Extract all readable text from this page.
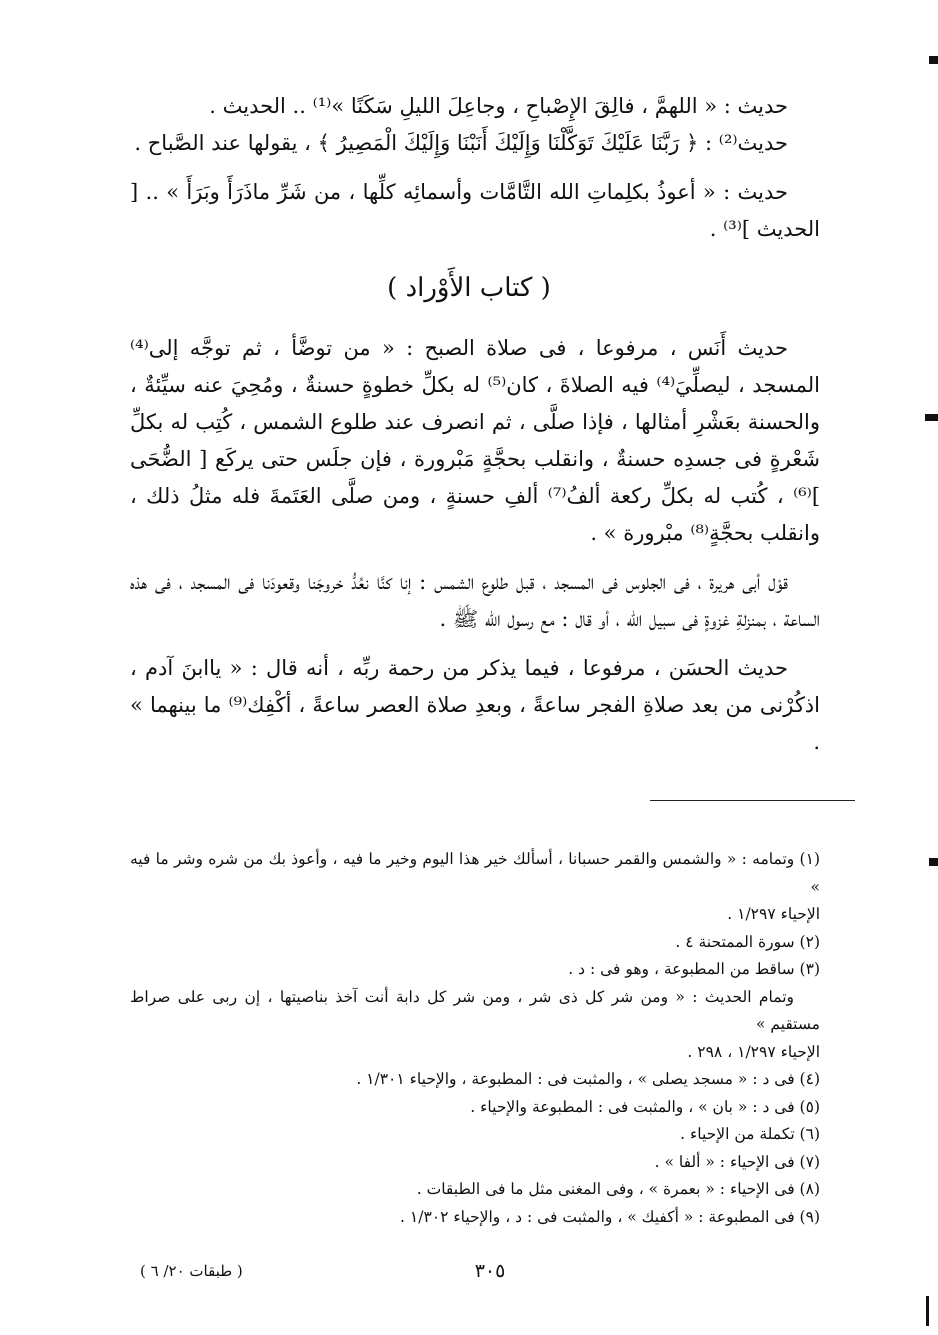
حديث : « اللهمَّ ، فالِقَ الإِصْباحِ ، وجاعِلَ الليلِ سَكَنًا »⁽¹⁾ .. الحديث .

حديث⁽²⁾ : ﴿ رَبَّنَا عَلَيْكَ تَوَكَّلْنَا وَإِلَيْكَ أَنَبْنَا وَإِلَيْكَ الْمَصِيرُ ﴾ ، يقولها عند الصَّباح .

حديث : « أعوذُ بكلِماتِ الله التَّامَّات وأسمائِه كلِّها ، من شَرِّ ماذَرَأَ وبَرَأَ » .. [ الحديث ]⁽³⁾ .

( كتاب الأَوْراد )

حديث أَنَس ، مرفوعا ، فى صلاة الصبح : « من توضَّأ ، ثم توجَّه إلى⁽⁴⁾ المسجد ، ليصلِّيَ⁽⁴⁾ فيه الصلاةَ ، كان⁽⁵⁾ له بكلِّ خطوةٍ حسنةٌ ، ومُحِيَ عنه سيِّئةٌ ، والحسنة بعَشْرِ أمثالها ، فإذا صلَّى ، ثم انصرف عند طلوع الشمس ، كُتِب له بكلِّ شَعْرةٍ فى جسدِه حسنةٌ ، وانقلب بحجَّةٍ مَبْرورة ، فإن جلَس حتى يركَع [ الضُّحَى ]⁽⁶⁾ ، كُتب له بكلِّ ركعة ألفُ⁽⁷⁾ ألفِ حسنةٍ ، ومن صلَّى العَتَمةَ فله مثلُ ذلك ، وانقلب بحجَّةٍ⁽⁸⁾ مبْرورة » .

قوْل أبى هريرة ، فى الجلوس فى المسجد ، قبل طلوع الشمس : إنا كنَّا نعُدُّ خروجَنا وقعودَنا فى المسجد ، فى هذه الساعة ، بمنزلةِ غزوةٍ فى سبيل الله ، أو قال : مع رسول الله ﷺ .

حديث الحسَن ، مرفوعا ، فيما يذكر من رحمة ربِّه ، أنه قال : « ياابنَ آدم ، اذكُرْنى من بعد صلاةِ الفجر ساعةً ، وبعدِ صلاة العصر ساعةً ، أكْفِك⁽⁹⁾ ما بينهما » .

(١) وتمامه : « والشمس والقمر حسبانا ، أسألك خير هذا اليوم وخير ما فيه ، وأعوذ بك من شره وشر ما فيه »
الإحياء ١/٢٩٧ .
(٢) سورة الممتحنة ٤ .
(٣) ساقط من المطبوعة ، وهو فى : د .
وتمام الحديث : « ومن شر كل ذى شر ، ومن شر كل دابة أنت آخذ بناصيتها ، إن ربى على صراط مستقيم »
الإحياء ١/٢٩٧ ، ٢٩٨ .
(٤) فى د : « مسجد يصلى » ، والمثبت فى : المطبوعة ، والإحياء ١/٣٠١ .
(٥) فى د : « بان » ، والمثبت فى : المطبوعة والإحياء .
(٦) تكملة من الإحياء .
(٧) فى الإحياء : « ألفا » .
(٨) فى الإحياء : « بعمرة » ، وفى المغنى مثل ما فى الطبقات .
(٩) فى المطبوعة : « أكفيك » ، والمثبت فى : د ، والإحياء ١/٣٠٢ .
٣٠٥
( طبقات ٢٠/ ٦ )
